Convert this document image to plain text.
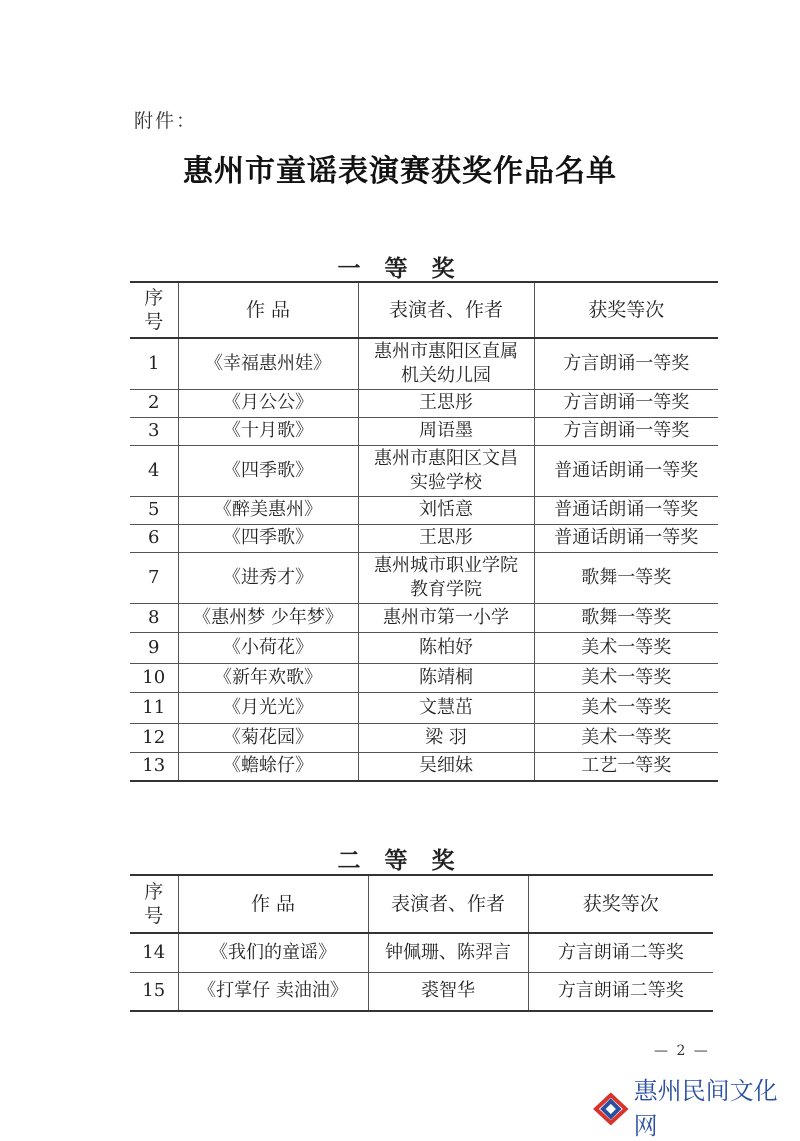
附件：
惠州市童谣表演赛获奖作品名单
一 等 奖
序号	作 品	表演者、作者	获奖等次

1	《幸福惠州娃》	惠州市惠阳区直属机关幼儿园	方言朗诵一等奖

2	《月公公》	王思彤	方言朗诵一等奖

3	《十月歌》	周语墨	方言朗诵一等奖

4	《四季歌》	惠州市惠阳区文昌实验学校	普通话朗诵一等奖

5	《醉美惠州》	刘恬意	普通话朗诵一等奖

6	《四季歌》	王思彤	普通话朗诵一等奖

7	《进秀才》	惠州城市职业学院教育学院	歌舞一等奖

8	《惠州梦 少年梦》	惠州市第一小学	歌舞一等奖

9	《小荷花》	陈柏妤	美术一等奖

10	《新年欢歌》	陈靖桐	美术一等奖

11	《月光光》	文慧茁	美术一等奖

12	《菊花园》	梁 羽	美术一等奖

13	《蟾蜍仔》	吴细妹	工艺一等奖
二 等 奖
序号	作 品	表演者、作者	获奖等次

14	《我们的童谣》	钟佩珊、陈羿言	方言朗诵二等奖

15	《打掌仔 卖油油》	裘智华	方言朗诵二等奖
— 2 —
惠州民间文化网
